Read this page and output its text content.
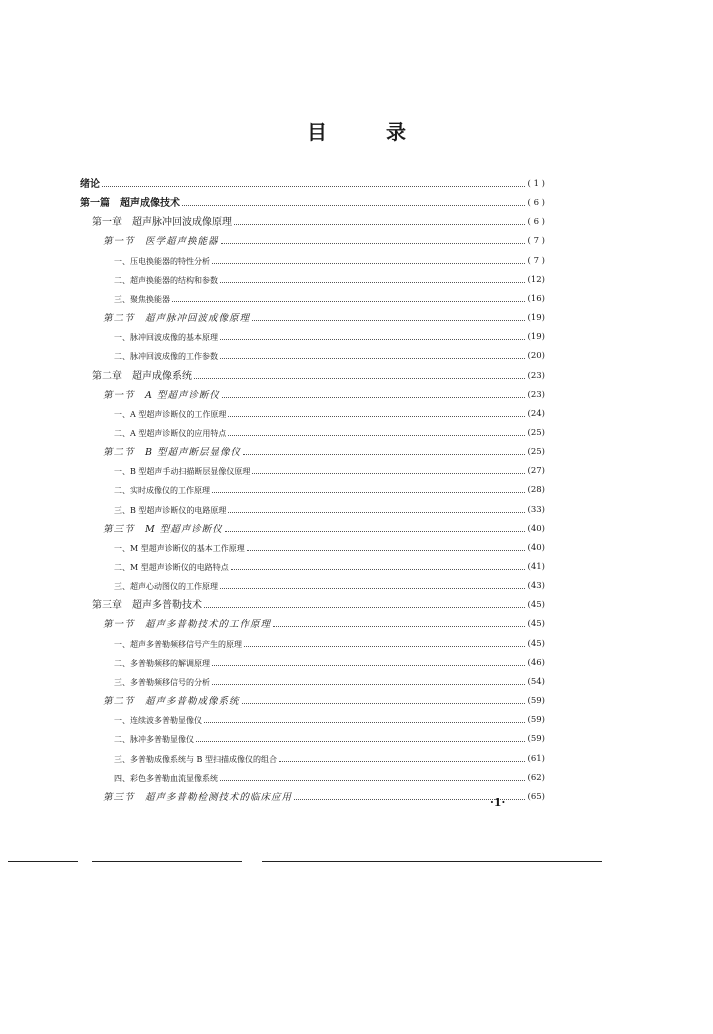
目 录
绪论	( 1 )
第一篇　超声成像技术	( 6 )
第一章　超声脉冲回波成像原理	( 6 )
第一节　医学超声换能器	( 7 )
一、压电换能器的特性分析	( 7 )
二、超声换能器的结构和参数	(12)
三、聚焦换能器	(16)
第二节　超声脉冲回波成像原理	(19)
一、脉冲回波成像的基本原理	(19)
二、脉冲回波成像的工作参数	(20)
第二章　超声成像系统	(23)
第一节　A 型超声诊断仪	(23)
一、A 型超声诊断仪的工作原理	(24)
二、A 型超声诊断仪的应用特点	(25)
第二节　B 型超声断层显像仪	(25)
一、B 型超声手动扫描断层显像仪原理	(27)
二、实时成像仪的工作原理	(28)
三、B 型超声诊断仪的电路原理	(33)
第三节　M 型超声诊断仪	(40)
一、M 型超声诊断仪的基本工作原理	(40)
二、M 型超声诊断仪的电路特点	(41)
三、超声心动图仪的工作原理	(43)
第三章　超声多普勒技术	(45)
第一节　超声多普勒技术的工作原理	(45)
一、超声多普勒频移信号产生的原理	(45)
二、多普勒频移的解调原理	(46)
三、多普勒频移信号的分析	(54)
第二节　超声多普勒成像系统	(59)
一、连续波多普勒显像仪	(59)
二、脉冲多普勒显像仪	(59)
三、多普勒成像系统与 B 型扫描成像仪的组合	(61)
四、彩色多普勒血流显像系统	(62)
第三节　超声多普勒检测技术的临床应用	(65)
·1·
